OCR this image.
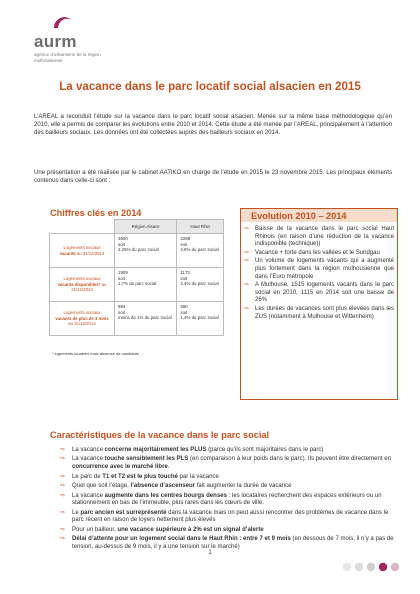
aurm
agence d’urbanisme de la région mulhousienne
La vacance dans le parc locatif social alsacien en 2015

L’AREAL a reconduit l’étude sur la vacance dans le parc locatif social alsacien. Menée sur la même base méthodologique qu’en 2010, elle a permis de comparer les évolutions entre 2010 et 2014. Cette étude a été menée par l’AREAL, principalement à l’attention des bailleurs sociaux. Les données ont été collectées auprès des bailleurs sociaux en 2014.

Une présentation a été réalisée par le cabinet AATIKO en charge de l’étude en 2015 le 23 novembre 2015. Les principaux éléments contenus dans celle-ci sont :

Chiffres clés en 2014
	Région Alsace	Haut Rhin
Logements sociaux
vacants au 31/12/2014	3600
soit
3,25% du parc social	2288
soit
4,6% du parc social

Logements sociaux
vacants disponibles* au 31/12/2014	1909
soit
1,7% du parc social	1173
soit
2,4% du parc social

Logements sociaux
vacants de plus de 3 mois au 31/12/2014	984
soit
moins de 1% du parc social	690
soit
1,4% du parc social

* logements louables mais absence de candidats

Evolution 2010 – 2014
⇨ Baisse de la vacance dans le parc social Haut Rhinois (en raison d’une réduction de la vacance indisponible (technique))
⇨ Vacance + forte dans les vallées et le Sundgau
⇨ Un volume de logements vacants qui a augmenté plus fortement dans la région mulhousienne que dans l’Euro métropole
⇨ A Mulhouse, 1515 logements vacants dans le parc social en 2010, 1115 en 2014 soit une baisse de 26%
⇨ Les durées de vacances sont plus élevées dans les ZUS (notamment à Mulhouse et Wittenheim)
Caractéristiques de la vacance dans le parc social
⇨ La vacance concerne majoritairement les PLUS (parce qu’ils sont majoritaires dans le parc)
⇨ La vacance touche sensiblement les PLS (en comparaison à leur poids dans le parc). Ils peuvent être directement en concurrence avec le marché libre.
⇨ Le parc de T1 et T2 est le plus touché par la vacance
⇨ Quel que soit l’étage, l’absence d’ascenseur fait augmenter la durée de vacance
⇨ La vacance augmente dans les centres bourgs denses : les locataires recherchent des espaces extérieurs ou un stationnement en bas de l’immeuble, plus rares dans les cœurs de ville.
⇨ Le parc ancien est surreprésenté dans la vacance mais on peut aussi rencontrer des problèmes de vacance dans le parc récent en raison de loyers nettement plus élevés
⇨ Pour un bailleur, une vacance supérieure à 2% est un signal d’alerte
⇨ Délai d’attente pour un logement social dans le Haut Rhin : entre 7 et 9 mois (en dessous de 7 mois, il n’y a pas de tension, au-dessus de 9 mois, il y a une tension sur le marché)

1
